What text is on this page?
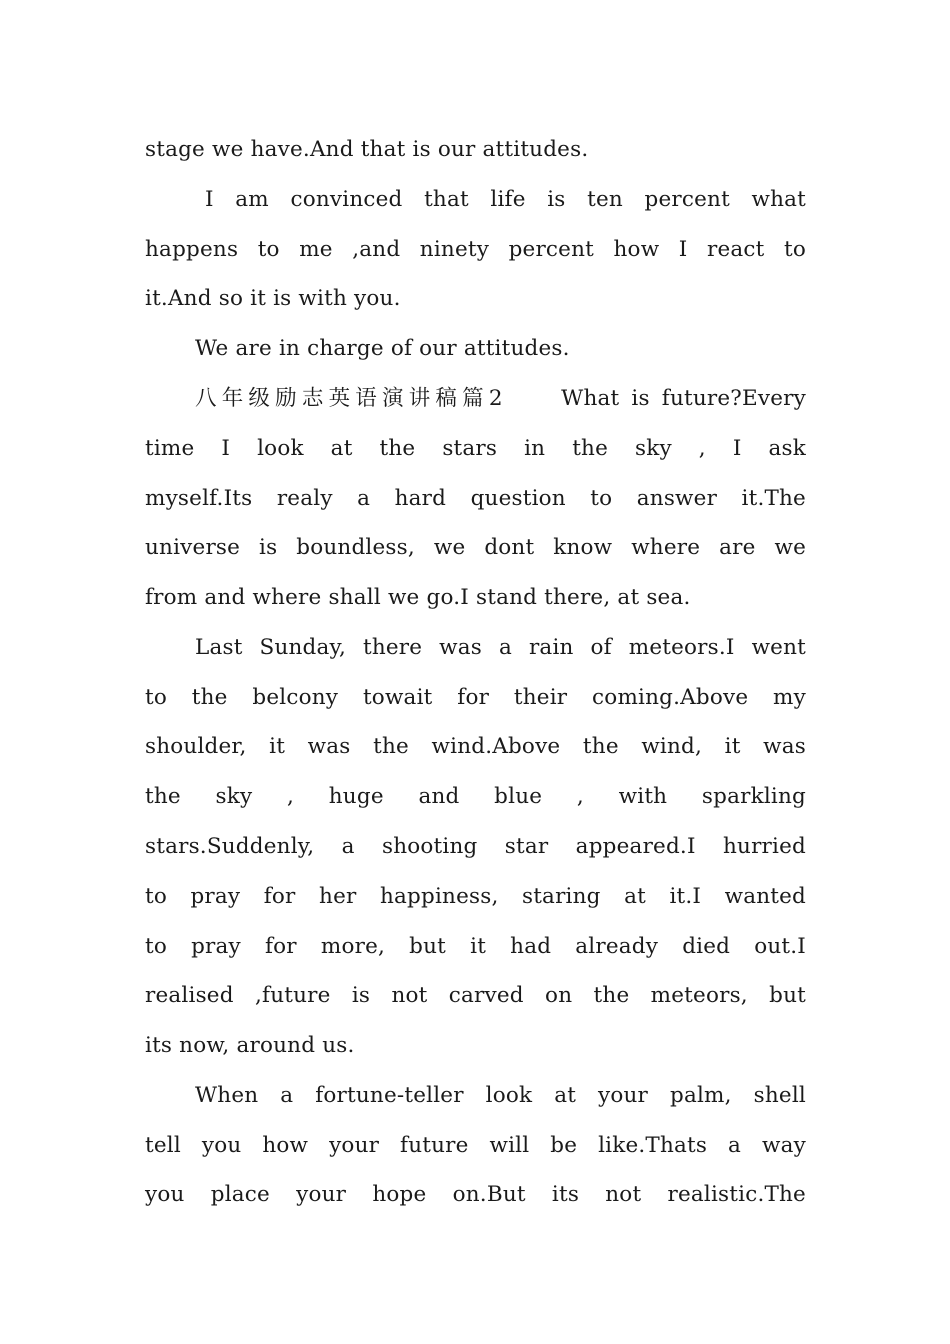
stage we have.And that is our attitudes.
I am convinced that life is ten percent what
happens to me ,and ninety percent how I react to
it.And so it is with you.
We are in charge of our attitudes.
八年级励志英语演讲稿篇2　　What is future?Every
time I look at the stars in the sky , I ask
myself.Its realy a hard question to answer it.The
universe is boundless, we dont know where are we
from and where shall we go.I stand there, at sea.
Last Sunday, there was a rain of meteors.I went
to the belcony towait for their coming.Above my
shoulder, it was the wind.Above the wind, it was
the sky , huge and blue , with sparkling
stars.Suddenly, a shooting star appeared.I hurried
to pray for her happiness, staring at it.I wanted
to pray for more, but it had already died out.I
realised ,future is not carved on the meteors, but
its now, around us.
When a fortune-teller look at your palm, shell
tell you how your future will be like.Thats a way
you place your hope on.But its not realistic.The
